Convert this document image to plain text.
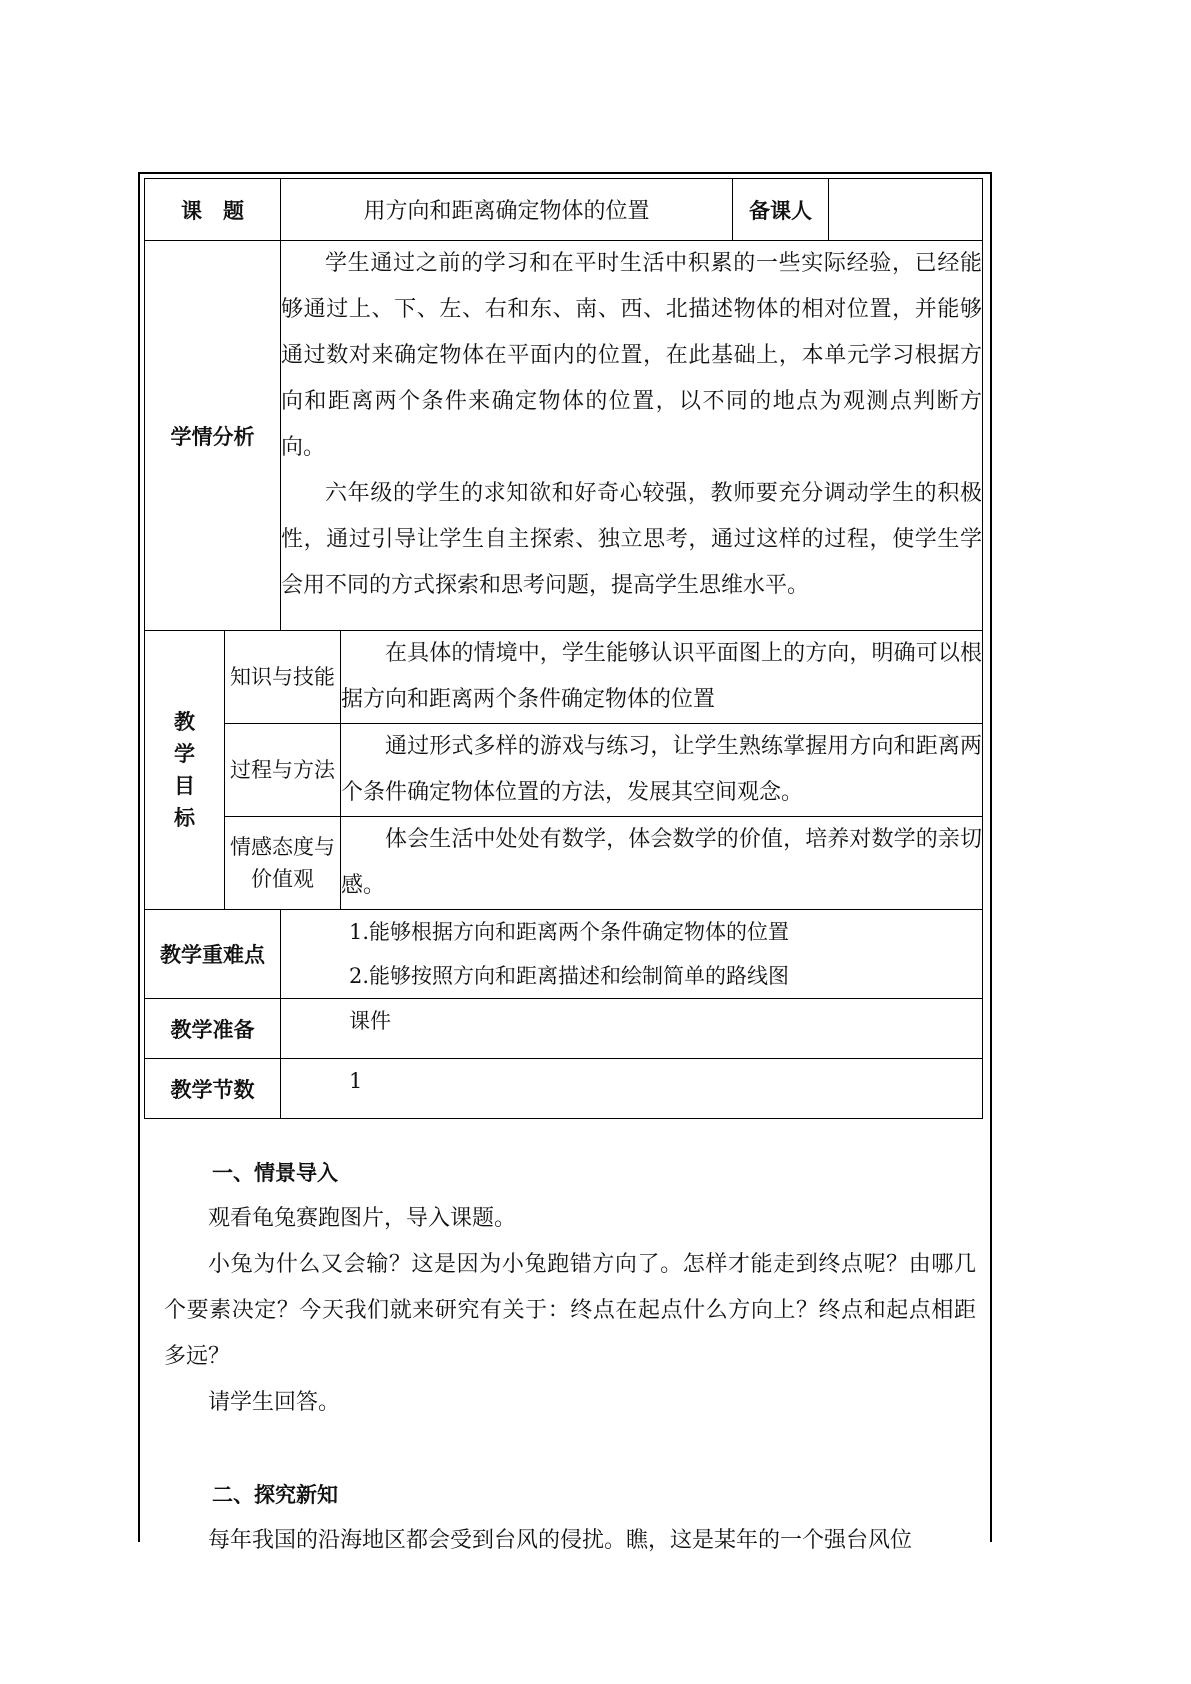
课　题		用方向和距离确定物体的位置		备课人	
学情分析		学生通过之前的学习和在平时生活中积累的一些实际经验，已经能够通过上、下、左、右和东、南、西、北描述物体的相对位置，并能够通过数对来确定物体在平面内的位置，在此基础上，本单元学习根据方向和距离两个条件来确定物体的位置，以不同的地点为观测点判断方向。

六年级的学生的求知欲和好奇心较强，教师要充分调动学生的积极性，通过引导让学生自主探索、独立思考，通过这样的过程，使学生学会用不同的方式探索和思考问题，提高学生思维水平。			

教
学
目
标	知识与技能		在具体的情境中，学生能够认识平面图上的方向，明确可以根据方向和距离两个条件确定物体的位置		

	过程与方法		通过形式多样的游戏与练习，让学生熟练掌握用方向和距离两个条件确定物体位置的方法，发展其空间观念。		

	情感态度与
价值观		体会生活中处处有数学，体会数学的价值，培养对数学的亲切感。		

教学重难点		1.能够根据方向和距离两个条件确定物体的位置

2.能够按照方向和距离描述和绘制简单的路线图			

教学准备		课件			

教学节数		1			

一、情景导入

观看龟兔赛跑图片，导入课题。

小兔为什么又会输？这是因为小兔跑错方向了。怎样才能走到终点呢？由哪几个要素决定？今天我们就来研究有关于：终点在起点什么方向上？终点和起点相距多远？

请学生回答。

二、探究新知

每年我国的沿海地区都会受到台风的侵扰。瞧，这是某年的一个强台风位
